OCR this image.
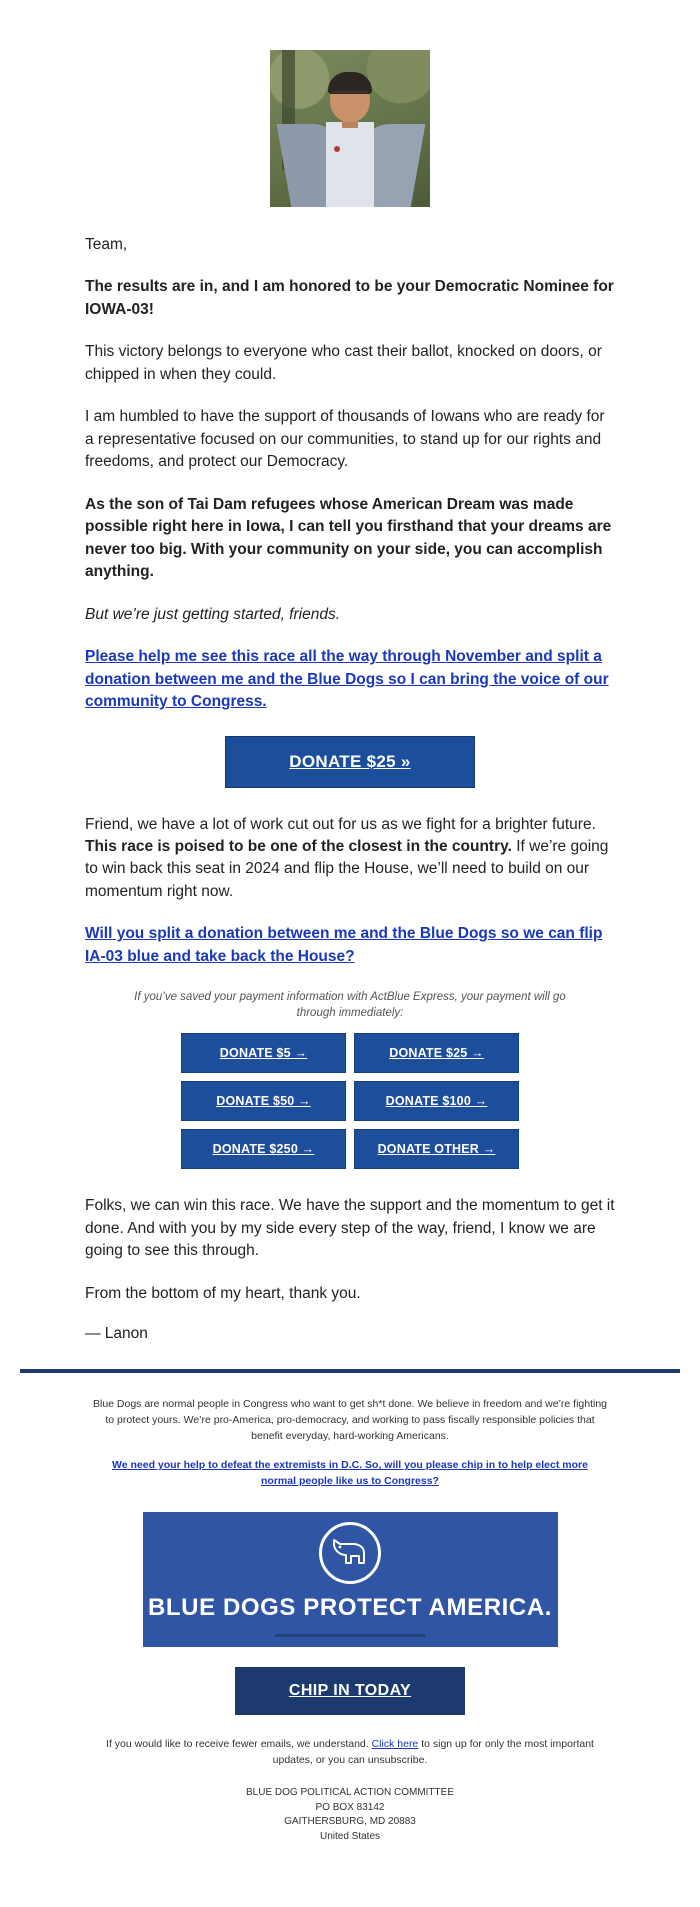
Team,

The results are in, and I am honored to be your Democratic Nominee for IOWA-03!

This victory belongs to everyone who cast their ballot, knocked on doors, or chipped in when they could.

I am humbled to have the support of thousands of Iowans who are ready for a representative focused on our communities, to stand up for our rights and freedoms, and protect our Democracy.

As the son of Tai Dam refugees whose American Dream was made possible right here in Iowa, I can tell you firsthand that your dreams are never too big. With your community on your side, you can accomplish anything.

But we’re just getting started, friends.

Please help me see this race all the way through November and split a donation between me and the Blue Dogs so I can bring the voice of our community to Congress.
DONATE $25 »

Friend, we have a lot of work cut out for us as we fight for a brighter future. This race is poised to be one of the closest in the country. If we’re going to win back this seat in 2024 and flip the House, we’ll need to build on our momentum right now.

Will you split a donation between me and the Blue Dogs so we can flip IA-03 blue and take back the House?

If you’ve saved your payment information with ActBlue Express, your payment will go through immediately:

DONATE $5 →	DONATE $25 →
DONATE $50 →	DONATE $100 →
DONATE $250 →	DONATE OTHER →

Folks, we can win this race. We have the support and the momentum to get it done. And with you by my side every step of the way, friend, I know we are going to see this through.

From the bottom of my heart, thank you.

— Lanon

Blue Dogs are normal people in Congress who want to get sh*t done. We believe in freedom and we’re fighting to protect yours. We’re pro-America, pro-democracy, and working to pass fiscally responsible policies that benefit everyday, hard-working Americans.

We need your help to defeat the extremists in D.C. So, will you please chip in to help elect more normal people like us to Congress?
BLUE DOGS PROTECT AMERICA.
CHIP IN TODAY

If you would like to receive fewer emails, we understand. Click here to sign up for only the most important updates, or you can unsubscribe.

BLUE DOG POLITICAL ACTION COMMITTEE
PO BOX 83142
GAITHERSBURG, MD 20883
United States
